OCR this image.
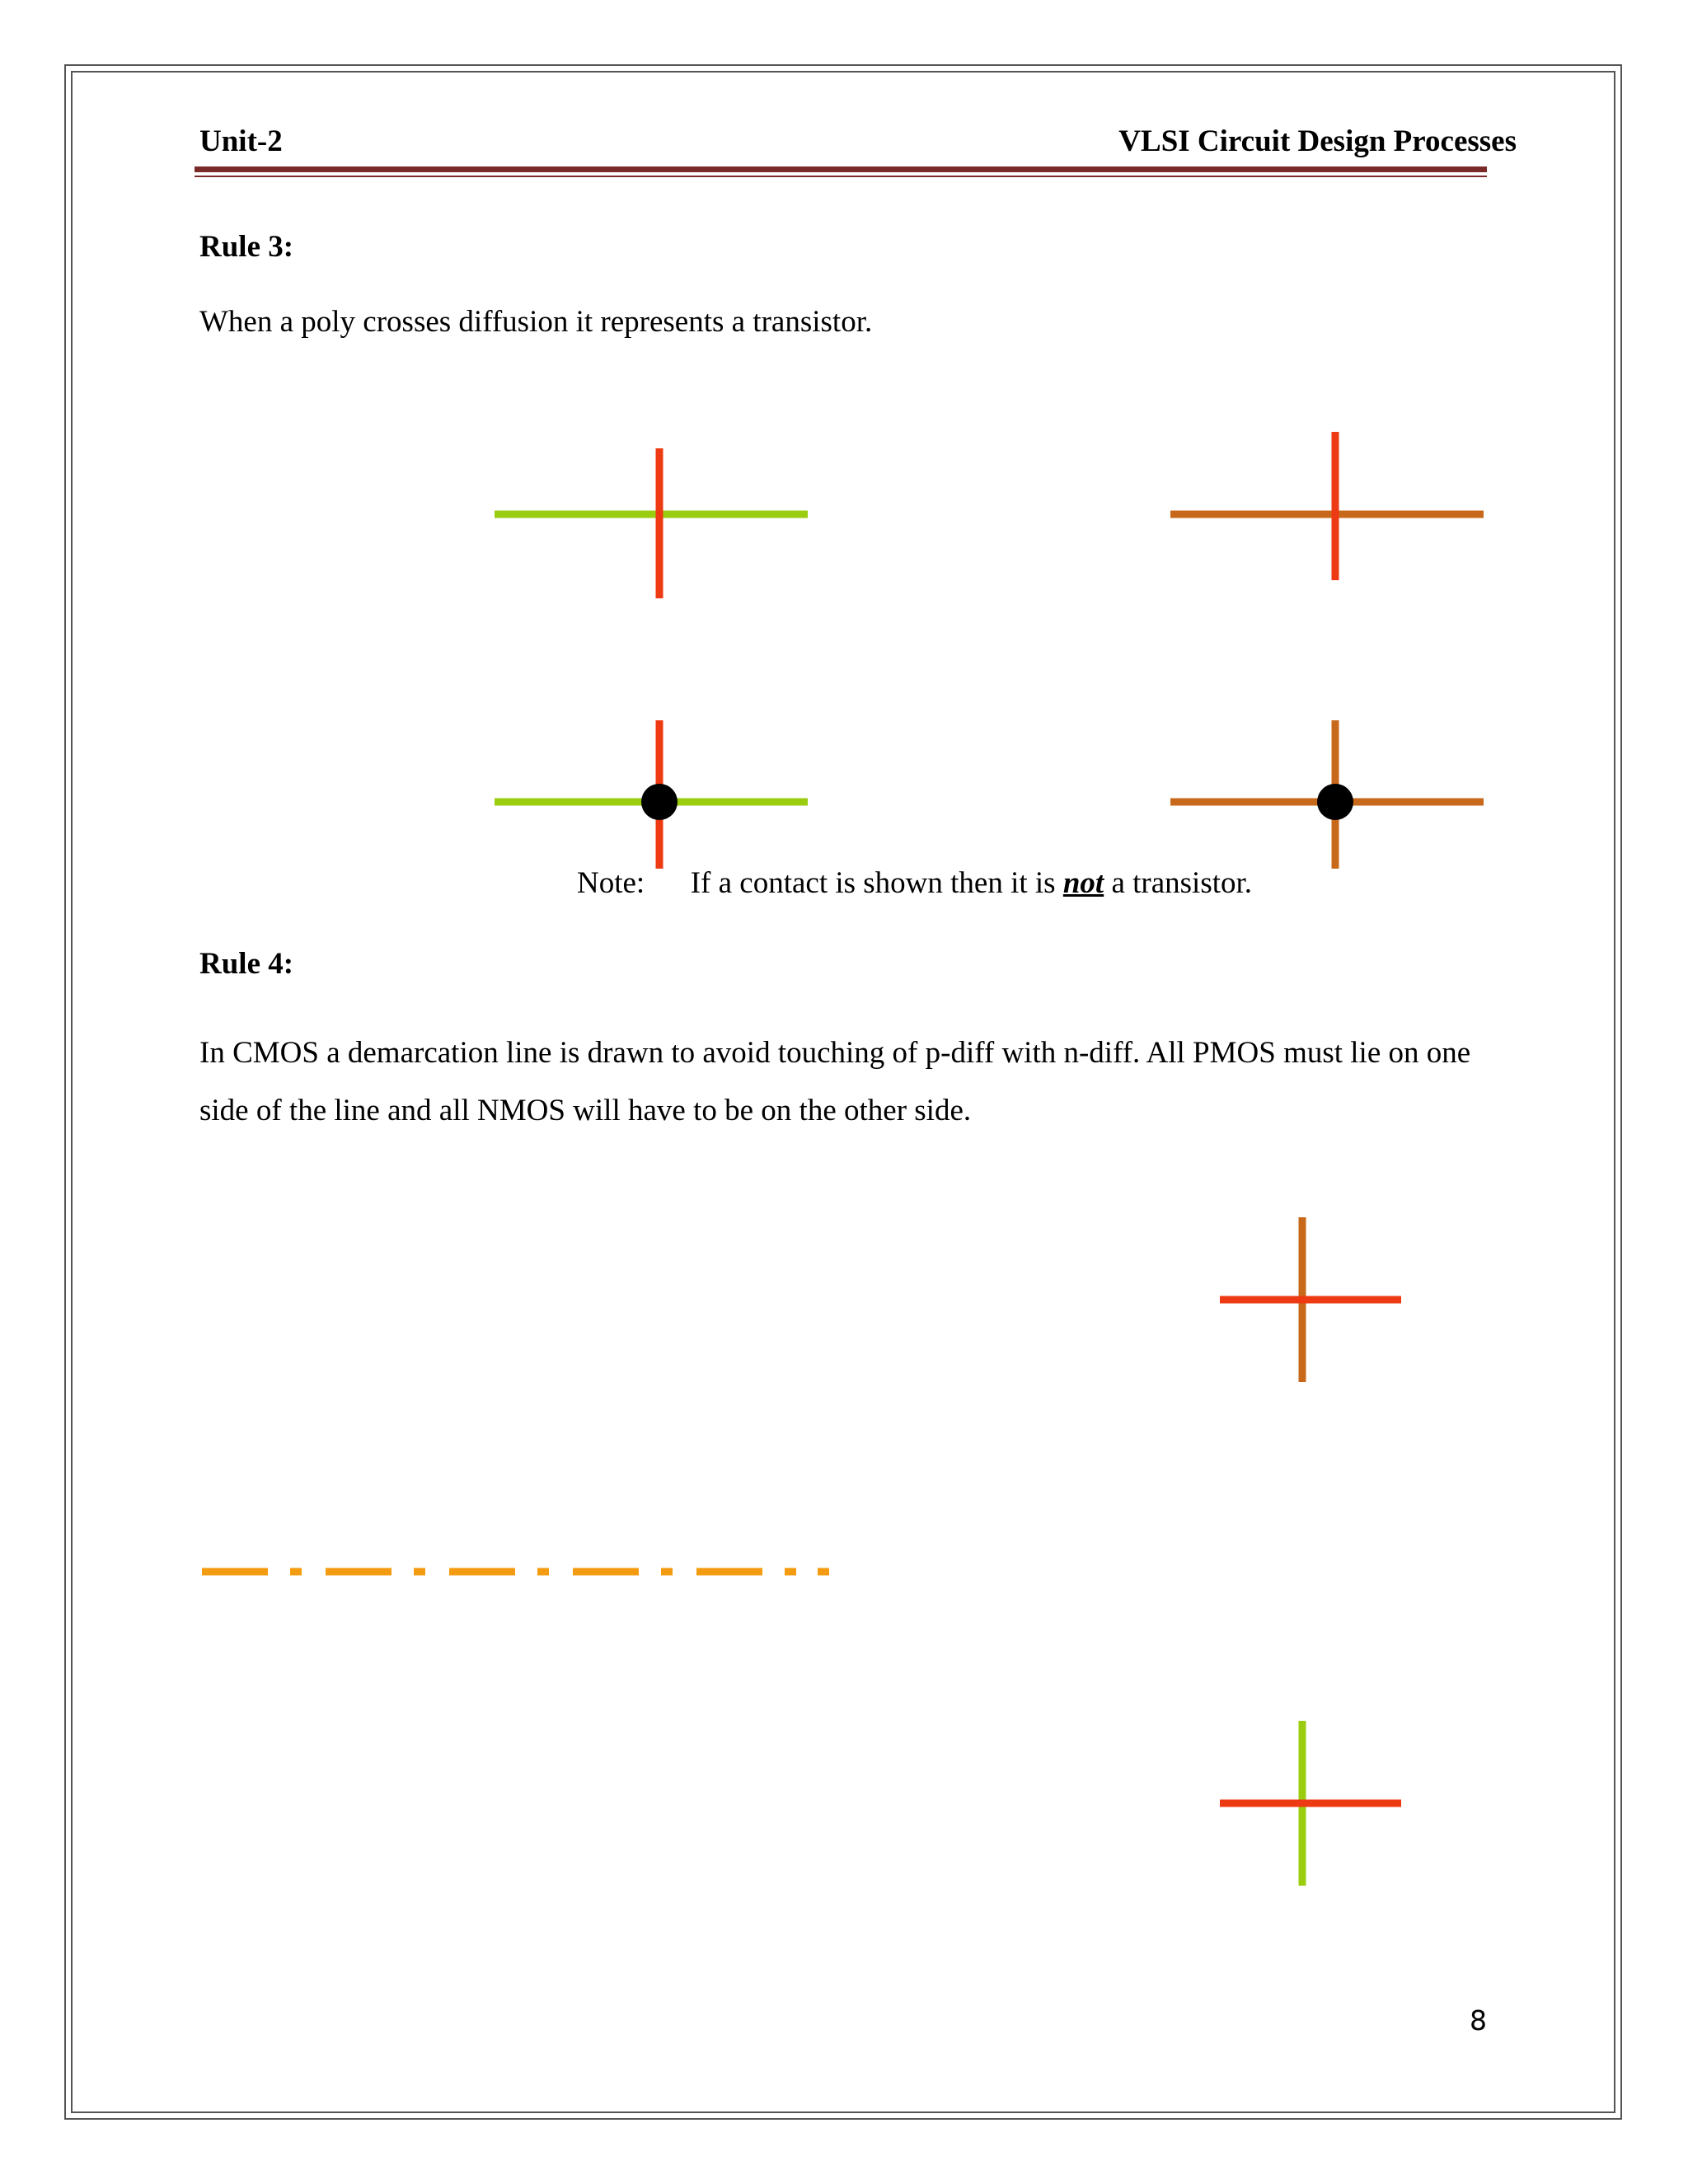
Unit-2	VLSI Circuit Design Processes
Rule 3:
When a poly crosses diffusion it represents a transistor.
Note: If a contact is shown then it is not a transistor.
Rule 4:
In CMOS a demarcation line is drawn to avoid touching of p-diff with n-diff. All PMOS must lie on one side of the line and all NMOS will have to be on the other side.
8
